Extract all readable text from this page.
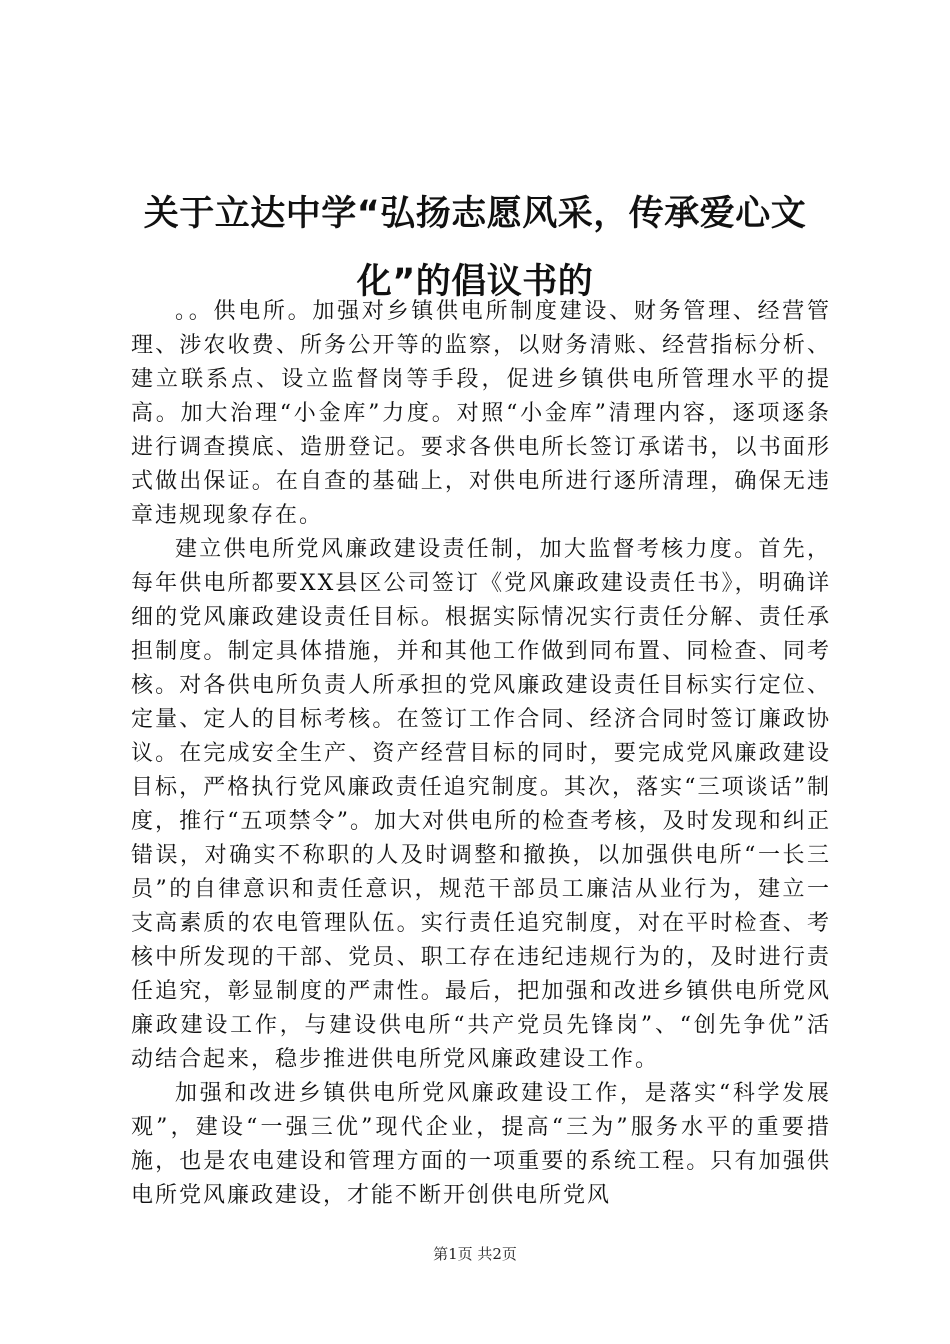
关于立达中学“弘扬志愿风采，传承爱心文
化”的倡议书的

。。供电所。加强对乡镇供电所制度建设、财务管理、经营管理、涉农收费、所务公开等的监察，以财务清账、经营指标分析、建立联系点、设立监督岗等手段，促进乡镇供电所管理水平的提高。加大治理“小金库”力度。对照“小金库”清理内容，逐项逐条进行调查摸底、造册登记。要求各供电所长签订承诺书，以书面形式做出保证。在自查的基础上，对供电所进行逐所清理，确保无违章违规现象存在。

建立供电所党风廉政建设责任制，加大监督考核力度。首先，每年供电所都要XX县区公司签订《党风廉政建设责任书》，明确详细的党风廉政建设责任目标。根据实际情况实行责任分解、责任承担制度。制定具体措施，并和其他工作做到同布置、同检查、同考核。对各供电所负责人所承担的党风廉政建设责任目标实行定位、定量、定人的目标考核。在签订工作合同、经济合同时签订廉政协议。在完成安全生产、资产经营目标的同时，要完成党风廉政建设目标，严格执行党风廉政责任追究制度。其次，落实“三项谈话”制度，推行“五项禁令”。加大对供电所的检查考核，及时发现和纠正错误，对确实不称职的人及时调整和撤换，以加强供电所“一长三员”的自律意识和责任意识，规范干部员工廉洁从业行为，建立一支高素质的农电管理队伍。实行责任追究制度，对在平时检查、考核中所发现的干部、党员、职工存在违纪违规行为的，及时进行责任追究，彰显制度的严肃性。最后，把加强和改进乡镇供电所党风廉政建设工作，与建设供电所“共产党员先锋岗”、“创先争优”活动结合起来，稳步推进供电所党风廉政建设工作。

加强和改进乡镇供电所党风廉政建设工作，是落实“科学发展观”，建设“一强三优”现代企业，提高“三为”服务水平的重要措施，也是农电建设和管理方面的一项重要的系统工程。只有加强供电所党风廉政建设，才能不断开创供电所党风

第1页 共2页
